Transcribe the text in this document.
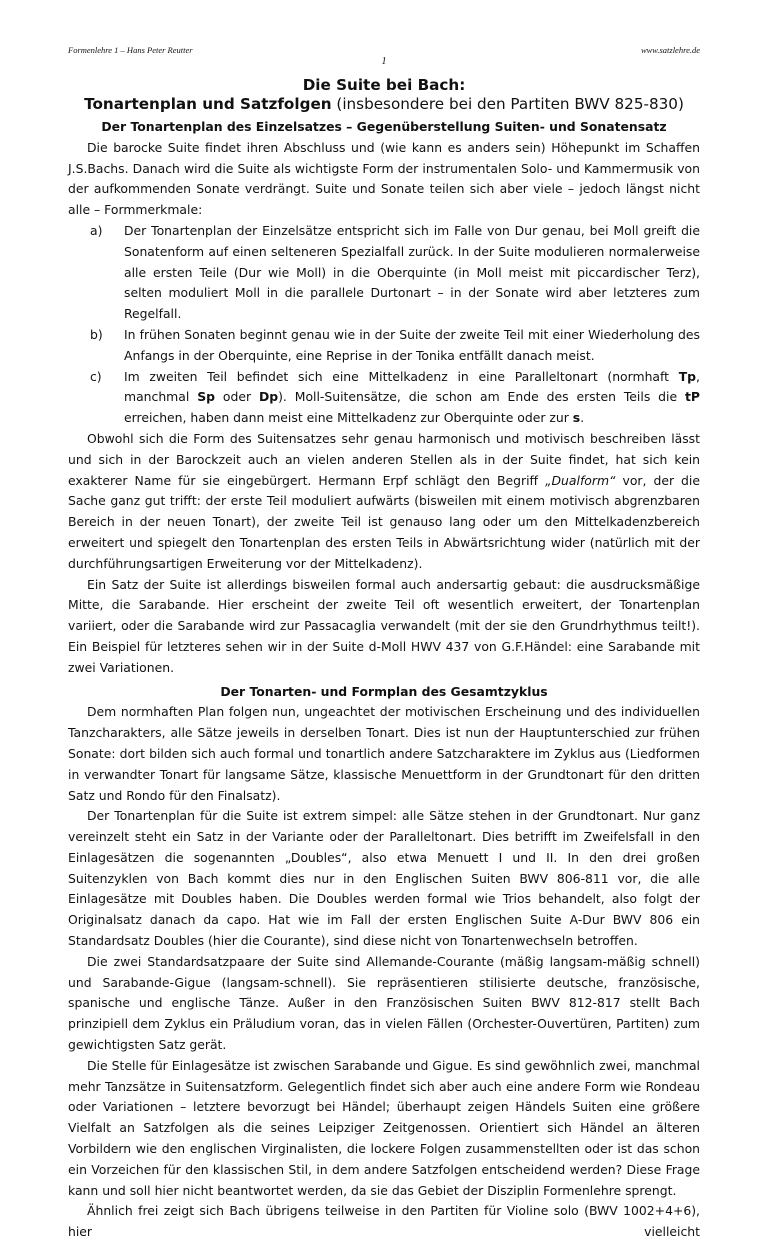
Formenlehre 1 – Hans Peter Reutter	www.satzlehre.de
1
Die Suite bei Bach:
Tonartenplan und Satzfolgen (insbesondere bei den Partiten BWV 825-830)
Der Tonartenplan des Einzelsatzes – Gegenüberstellung Suiten- und Sonatensatz

Die barocke Suite findet ihren Abschluss und (wie kann es anders sein) Höhepunkt im Schaffen J.S.Bachs. Danach wird die Suite als wichtigste Form der instrumentalen Solo- und Kammermusik von der aufkommenden Sonate verdrängt. Suite und Sonate teilen sich aber viele – jedoch längst nicht alle – Formmerkmale:

a)	Der Tonartenplan der Einzelsätze entspricht sich im Falle von Dur genau, bei Moll greift die Sonatenform auf einen selteneren Spezialfall zurück. In der Suite modulieren normalerweise alle ersten Teile (Dur wie Moll) in die Oberquinte (in Moll meist mit piccardischer Terz), selten moduliert Moll in die parallele Durtonart – in der Sonate wird aber letzteres zum Regelfall.
b)	In frühen Sonaten beginnt genau wie in der Suite der zweite Teil mit einer Wiederholung des Anfangs in der Oberquinte, eine Reprise in der Tonika entfällt danach meist.
c)	Im zweiten Teil befindet sich eine Mittelkadenz in eine Paralleltonart (normhaft Tp, manchmal Sp oder Dp). Moll-Suitensätze, die schon am Ende des ersten Teils die tP erreichen, haben dann meist eine Mittelkadenz zur Oberquinte oder zur s.

Obwohl sich die Form des Suitensatzes sehr genau harmonisch und motivisch beschreiben lässt und sich in der Barockzeit auch an vielen anderen Stellen als in der Suite findet, hat sich kein exakterer Name für sie eingebürgert. Hermann Erpf schlägt den Begriff „Dualform“ vor, der die Sache ganz gut trifft: der erste Teil moduliert aufwärts (bisweilen mit einem motivisch abgrenzbaren Bereich in der neuen Tonart), der zweite Teil ist genauso lang oder um den Mittelkadenzbereich erweitert und spiegelt den Tonartenplan des ersten Teils in Abwärtsrichtung wider (natürlich mit der durchführungsartigen Erweiterung vor der Mittelkadenz).

Ein Satz der Suite ist allerdings bisweilen formal auch andersartig gebaut: die ausdrucksmäßige Mitte, die Sarabande. Hier erscheint der zweite Teil oft wesentlich erweitert, der Tonartenplan variiert, oder die Sarabande wird zur Passacaglia verwandelt (mit der sie den Grundrhythmus teilt!). Ein Beispiel für letzteres sehen wir in der Suite d-Moll HWV 437 von G.F.Händel: eine Sarabande mit zwei Variationen.

Der Tonarten- und Formplan des Gesamtzyklus

Dem normhaften Plan folgen nun, ungeachtet der motivischen Erscheinung und des individuellen Tanzcharakters, alle Sätze jeweils in derselben Tonart. Dies ist nun der Hauptunterschied zur frühen Sonate: dort bilden sich auch formal und tonartlich andere Satzcharaktere im Zyklus aus (Liedformen in verwandter Tonart für langsame Sätze, klassische Menuettform in der Grundtonart für den dritten Satz und Rondo für den Finalsatz).

Der Tonartenplan für die Suite ist extrem simpel: alle Sätze stehen in der Grundtonart. Nur ganz vereinzelt steht ein Satz in der Variante oder der Paralleltonart. Dies betrifft im Zweifelsfall in den Einlagesätzen die sogenannten „Doubles“, also etwa Menuett I und II. In den drei großen Suitenzyklen von Bach kommt dies nur in den Englischen Suiten BWV 806-811 vor, die alle Einlagesätze mit Doubles haben. Die Doubles werden formal wie Trios behandelt, also folgt der Originalsatz danach da capo. Hat wie im Fall der ersten Englischen Suite A-Dur BWV 806 ein Standardsatz Doubles (hier die Courante), sind diese nicht von Tonartenwechseln betroffen.

Die zwei Standardsatzpaare der Suite sind Allemande-Courante (mäßig langsam-mäßig schnell) und Sarabande-Gigue (langsam-schnell). Sie repräsentieren stilisierte deutsche, französische, spanische und englische Tänze. Außer in den Französischen Suiten BWV 812-817 stellt Bach prinzipiell dem Zyklus ein Präludium voran, das in vielen Fällen (Orchester-Ouvertüren, Partiten) zum gewichtigsten Satz gerät.

Die Stelle für Einlagesätze ist zwischen Sarabande und Gigue. Es sind gewöhnlich zwei, manchmal mehr Tanzsätze in Suitensatzform. Gelegentlich findet sich aber auch eine andere Form wie Rondeau oder Variationen – letztere bevorzugt bei Händel; überhaupt zeigen Händels Suiten eine größere Vielfalt an Satzfolgen als die seines Leipziger Zeitgenossen. Orientiert sich Händel an älteren Vorbildern wie den englischen Virginalisten, die lockere Folgen zusammenstellten oder ist das schon ein Vorzeichen für den klassischen Stil, in dem andere Satzfolgen entscheidend werden? Diese Frage kann und soll hier nicht beantwortet werden, da sie das Gebiet der Disziplin Formenlehre sprengt.

Ähnlich frei zeigt sich Bach übrigens teilweise in den Partiten für Violine solo (BWV 1002+4+6), hier vielleicht
